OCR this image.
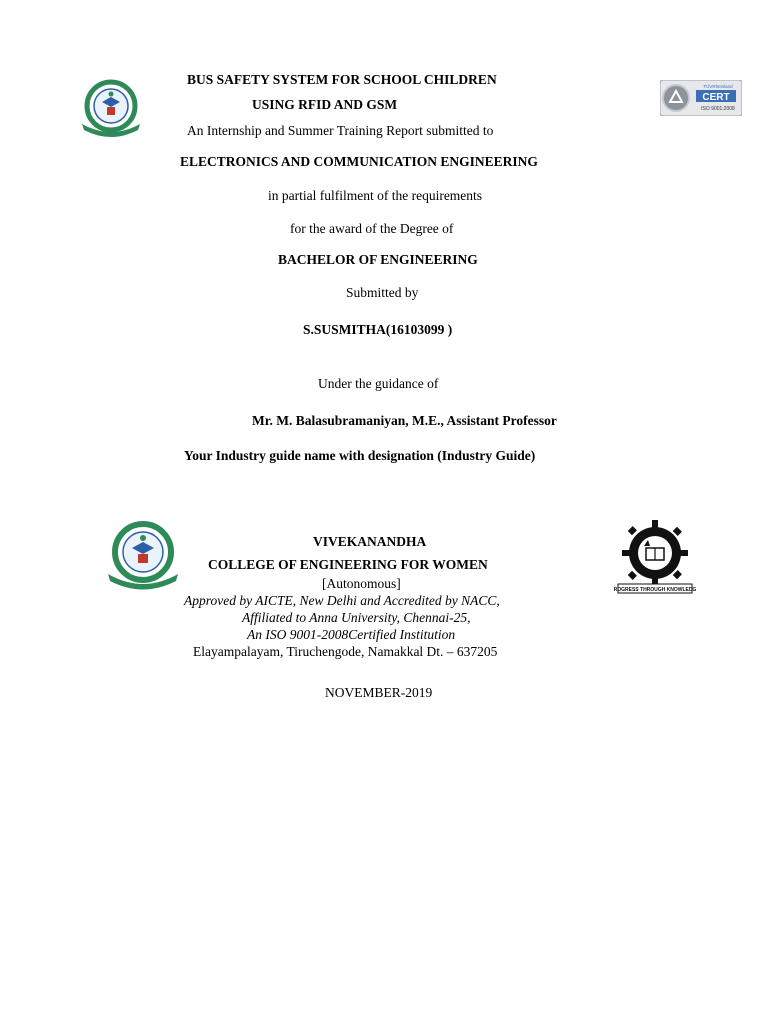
CERT
TÜVRheinland
ISO 9001:2008
BUS SAFETY SYSTEM FOR SCHOOL CHILDREN
USING RFID AND GSM
An Internship and Summer Training Report submitted to
ELECTRONICS AND COMMUNICATION ENGINEERING
in partial fulfilment of the requirements
for the award of the Degree of
BACHELOR OF ENGINEERING
Submitted by
S.SUSMITHA(16103099 )
Under the guidance of
Mr. M. Balasubramaniyan, M.E., Assistant Professor
Your Industry guide name with designation (Industry Guide)
PROGRESS THROUGH KNOWLEDGE
VIVEKANANDHA
COLLEGE OF ENGINEERING FOR WOMEN
[Autonomous]
Approved by AICTE, New Delhi and Accredited by NACC,
Affiliated to Anna University, Chennai-25,
An ISO 9001-2008Certified Institution
Elayampalayam, Tiruchengode, Namakkal Dt. – 637205
NOVEMBER-2019
